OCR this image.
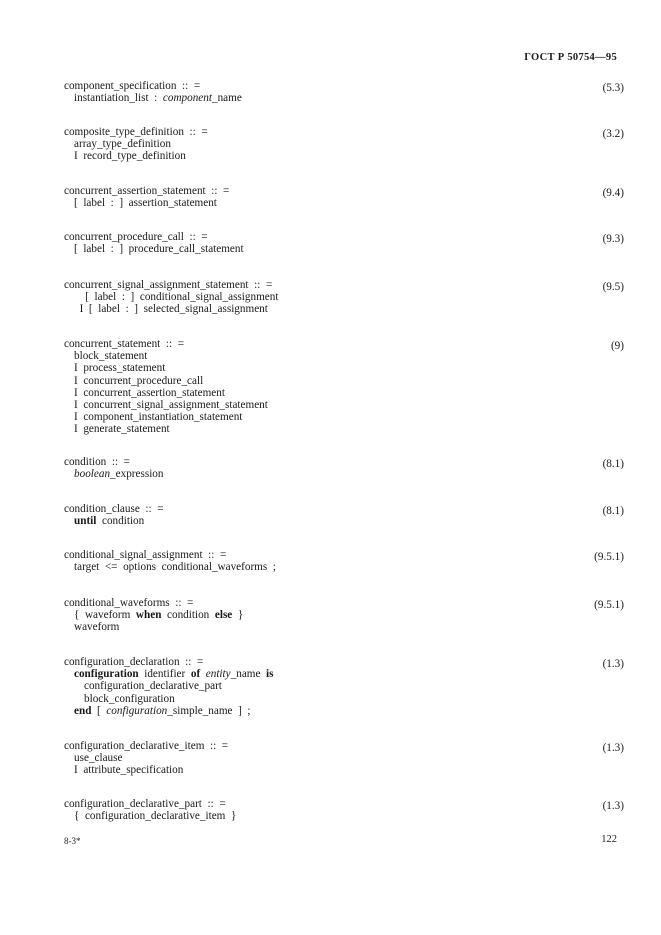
ГОСТ Р 50754—95
(5.3)
component_specification  ::  =
instantiation_list  :  component_name
(3.2)
composite_type_definition  ::  =
array_type_definition
I  record_type_definition
(9.4)
concurrent_assertion_statement  ::  =
[  label  :  ]  assertion_statement
(9.3)
concurrent_procedure_call  ::  =
[  label  :  ]  procedure_call_statement
(9.5)
concurrent_signal_assignment_statement  ::  =
[  label  :  ]  conditional_signal_assignment
I  [  label  :  ]  selected_signal_assignment
(9)
concurrent_statement  ::  =
block_statement
I  process_statement
I  concurrent_procedure_call
I  concurrent_assertion_statement
I  concurrent_signal_assignment_statement
I  component_instantiation_statement
I  generate_statement
(8.1)
condition  ::  =
boolean_expression
(8.1)
condition_clause  ::  =
until  condition
(9.5.1)
conditional_signal_assignment  ::  =
target  <=  options  conditional_waveforms  ;
(9.5.1)
conditional_waveforms  ::  =
{  waveform  when  condition  else  }
waveform
(1.3)
configuration_declaration  ::  =
configuration  identifier  of entity_name  is
configuration_declarative_part
block_configuration
end  [  configuration_simple_name  ]  ;
(1.3)
configuration_declarative_item  ::  =
use_clause
I  attribute_specification
(1.3)
configuration_declarative_part  ::  =
{  configuration_declarative_item  }
8-3*	122
